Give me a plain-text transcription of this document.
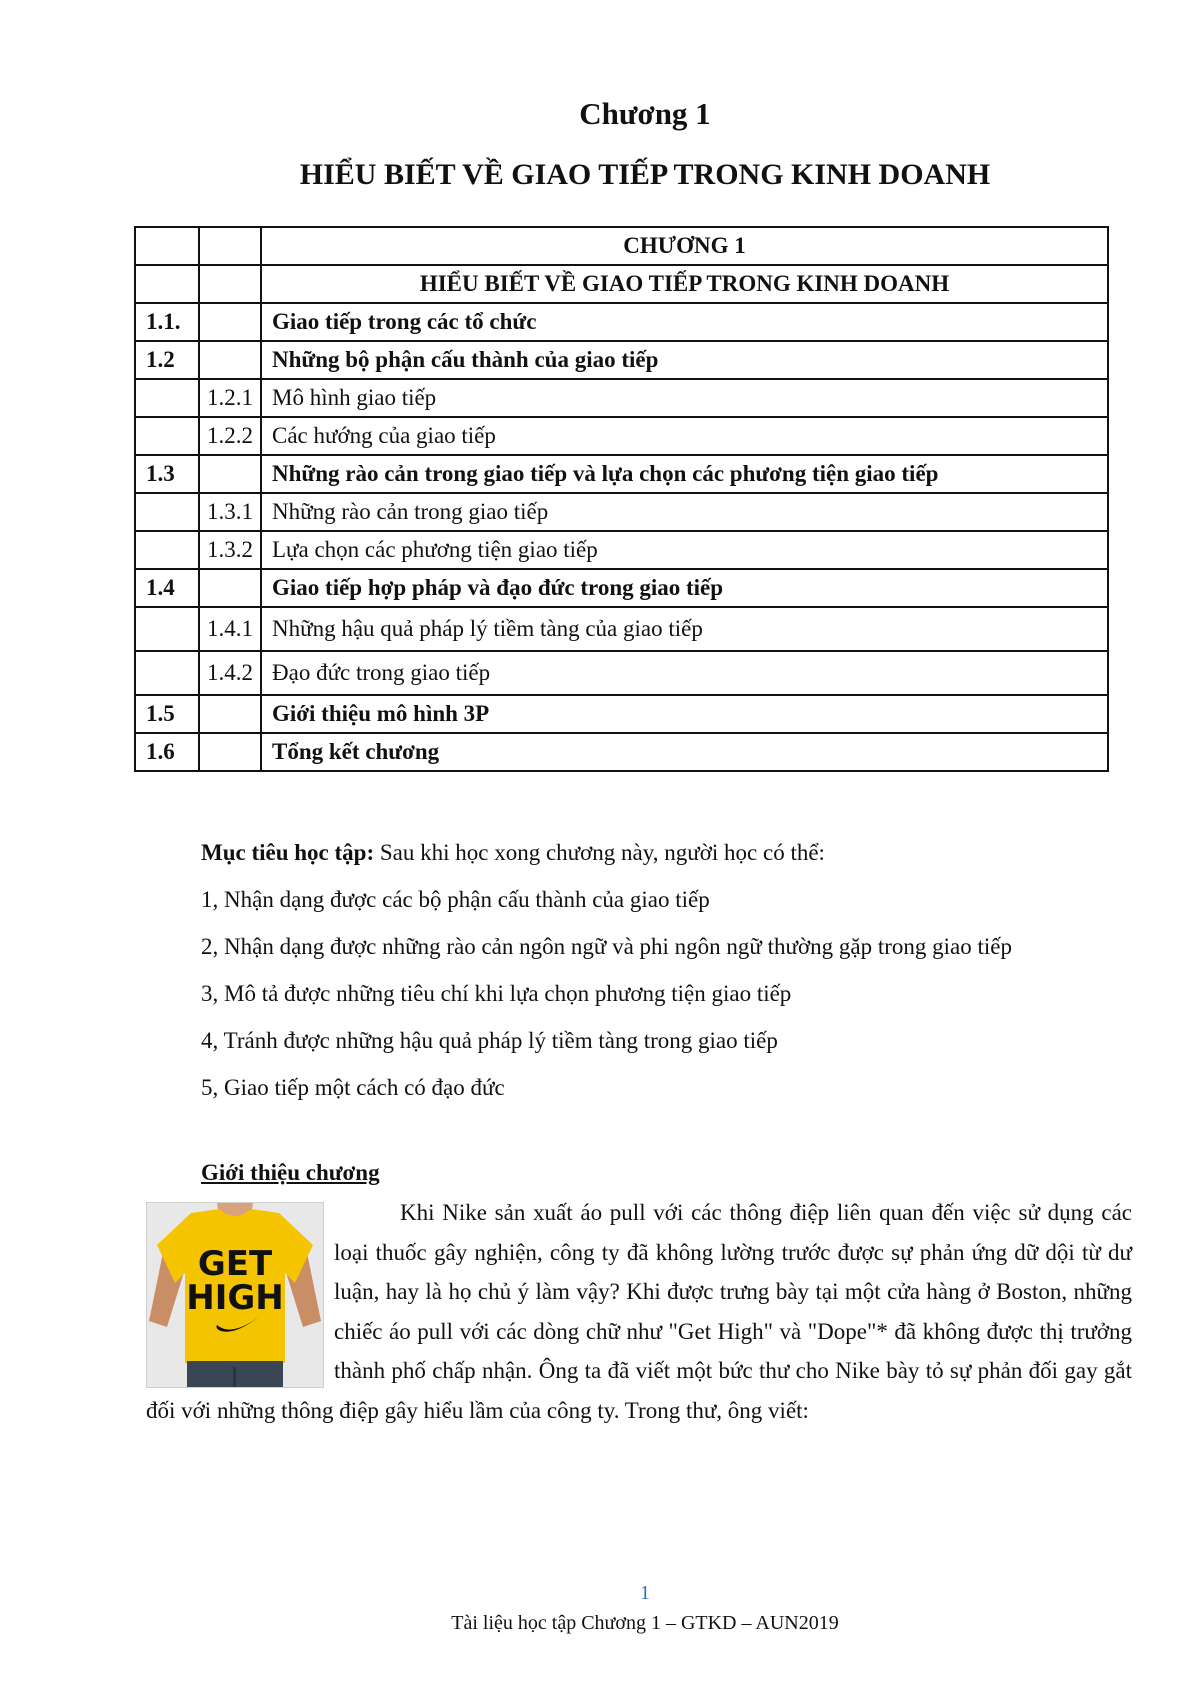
Chương 1
HIỂU BIẾT VỀ GIAO TIẾP TRONG KINH DOANH
		CHƯƠNG 1
		HIỂU BIẾT VỀ GIAO TIẾP TRONG KINH DOANH
1.1.		Giao tiếp trong các tổ chức
1.2		Những bộ phận cấu thành của giao tiếp
	1.2.1	Mô hình giao tiếp
	1.2.2	Các hướng của giao tiếp
1.3		Những rào cản trong giao tiếp và lựa chọn các phương tiện giao tiếp
	1.3.1	Những rào cản trong giao tiếp
	1.3.2	Lựa chọn các phương tiện giao tiếp
1.4		Giao tiếp hợp pháp và đạo đức trong giao tiếp
	1.4.1	Những hậu quả pháp lý tiềm tàng của giao tiếp
	1.4.2	Đạo đức trong giao tiếp
1.5		Giới thiệu mô hình 3P
1.6		Tổng kết chương

Mục tiêu học tập: Sau khi học xong chương này, người học có thể:

1, Nhận dạng được các bộ phận cấu thành của giao tiếp

2, Nhận dạng được những rào cản ngôn ngữ và phi ngôn ngữ thường gặp trong giao tiếp

3, Mô tả được những tiêu chí khi lựa chọn phương tiện giao tiếp

4, Tránh được những hậu quả pháp lý tiềm tàng trong giao tiếp

5, Giao tiếp một cách có đạo đức

Giới thiệu chương

Khi Nike sản xuất áo pull với các thông điệp liên quan đến việc sử dụng các loại thuốc gây nghiện, công ty đã không lường trước được sự phản ứng dữ dội từ dư luận, hay là họ chủ ý làm vậy? Khi được trưng bày tại một cửa hàng ở Boston, những chiếc áo pull với các dòng chữ như "Get High" và "Dope"* đã không được thị trưởng thành phố chấp nhận. Ông ta đã viết một bức thư cho Nike bày tỏ sự phản đối gay gắt đối với những thông điệp gây hiểu lầm của công ty. Trong thư, ông viết:

GET
HIGH
1
Tài liệu học tập Chương 1 – GTKD – AUN2019
